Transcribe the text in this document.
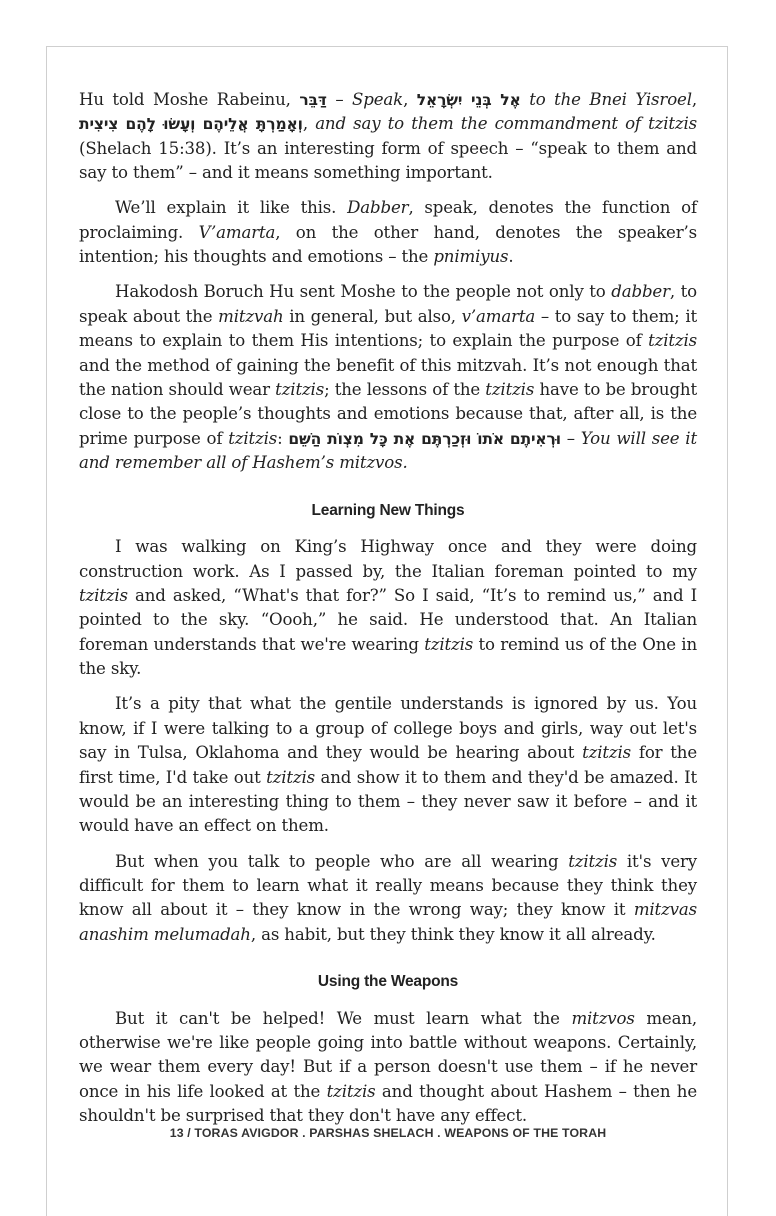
Hu told Moshe Rabeinu, דַּבֵּר – Speak, אֶל בְּנֵי יִשְׂרָאֵל to the Bnei Yisroel, וְאָמַרְתָּ אֲלֵיהֶם וְעָשׂוּ לָהֶם צִיצִית, and say to them the commandment of tzitzis (Shelach 15:38). It’s an interesting form of speech – “speak to them and say to them” – and it means something important.

We’ll explain it like this. Dabber, speak, denotes the function of proclaiming. V’amarta, on the other hand, denotes the speaker’s intention; his thoughts and emotions – the pnimiyus.

Hakodosh Boruch Hu sent Moshe to the people not only to dabber, to speak about the mitzvah in general, but also, v’amarta – to say to them; it means to explain to them His intentions; to explain the purpose of tzitzis and the method of gaining the benefit of this mitzvah. It’s not enough that the nation should wear tzitzis; the lessons of the tzitzis have to be brought close to the people’s thoughts and emotions because that, after all, is the prime purpose of tzitzis: וּרְאִיתֶם אֹתוֹ וּזְכַרְתֶּם אֶת כָּל מִצְוֹת הַשֵּׁם – You will see it and remember all of Hashem’s mitzvos.

Learning New Things

I was walking on King’s Highway once and they were doing construction work. As I passed by, the Italian foreman pointed to my tzitzis and asked, “What's that for?” So I said, “It’s to remind us,” and I pointed to the sky. “Oooh,” he said. He understood that. An Italian foreman understands that we're wearing tzitzis to remind us of the One in the sky.

It’s a pity that what the gentile understands is ignored by us. You know, if I were talking to a group of college boys and girls, way out let's say in Tulsa, Oklahoma and they would be hearing about tzitzis for the first time, I'd take out tzitzis and show it to them and they'd be amazed. It would be an interesting thing to them – they never saw it before – and it would have an effect on them.

But when you talk to people who are all wearing tzitzis it's very difficult for them to learn what it really means because they think they know all about it – they know in the wrong way; they know it mitzvas anashim melumadah, as habit, but they think they know it all already.

Using the Weapons

But it can't be helped! We must learn what the mitzvos mean, otherwise we're like people going into battle without weapons. Certainly, we wear them every day! But if a person doesn't use them – if he never once in his life looked at the tzitzis and thought about Hashem – then he shouldn't be surprised that they don't have any effect.

13 / TORAS AVIGDOR . PARSHAS SHELACH . WEAPONS OF THE TORAH
